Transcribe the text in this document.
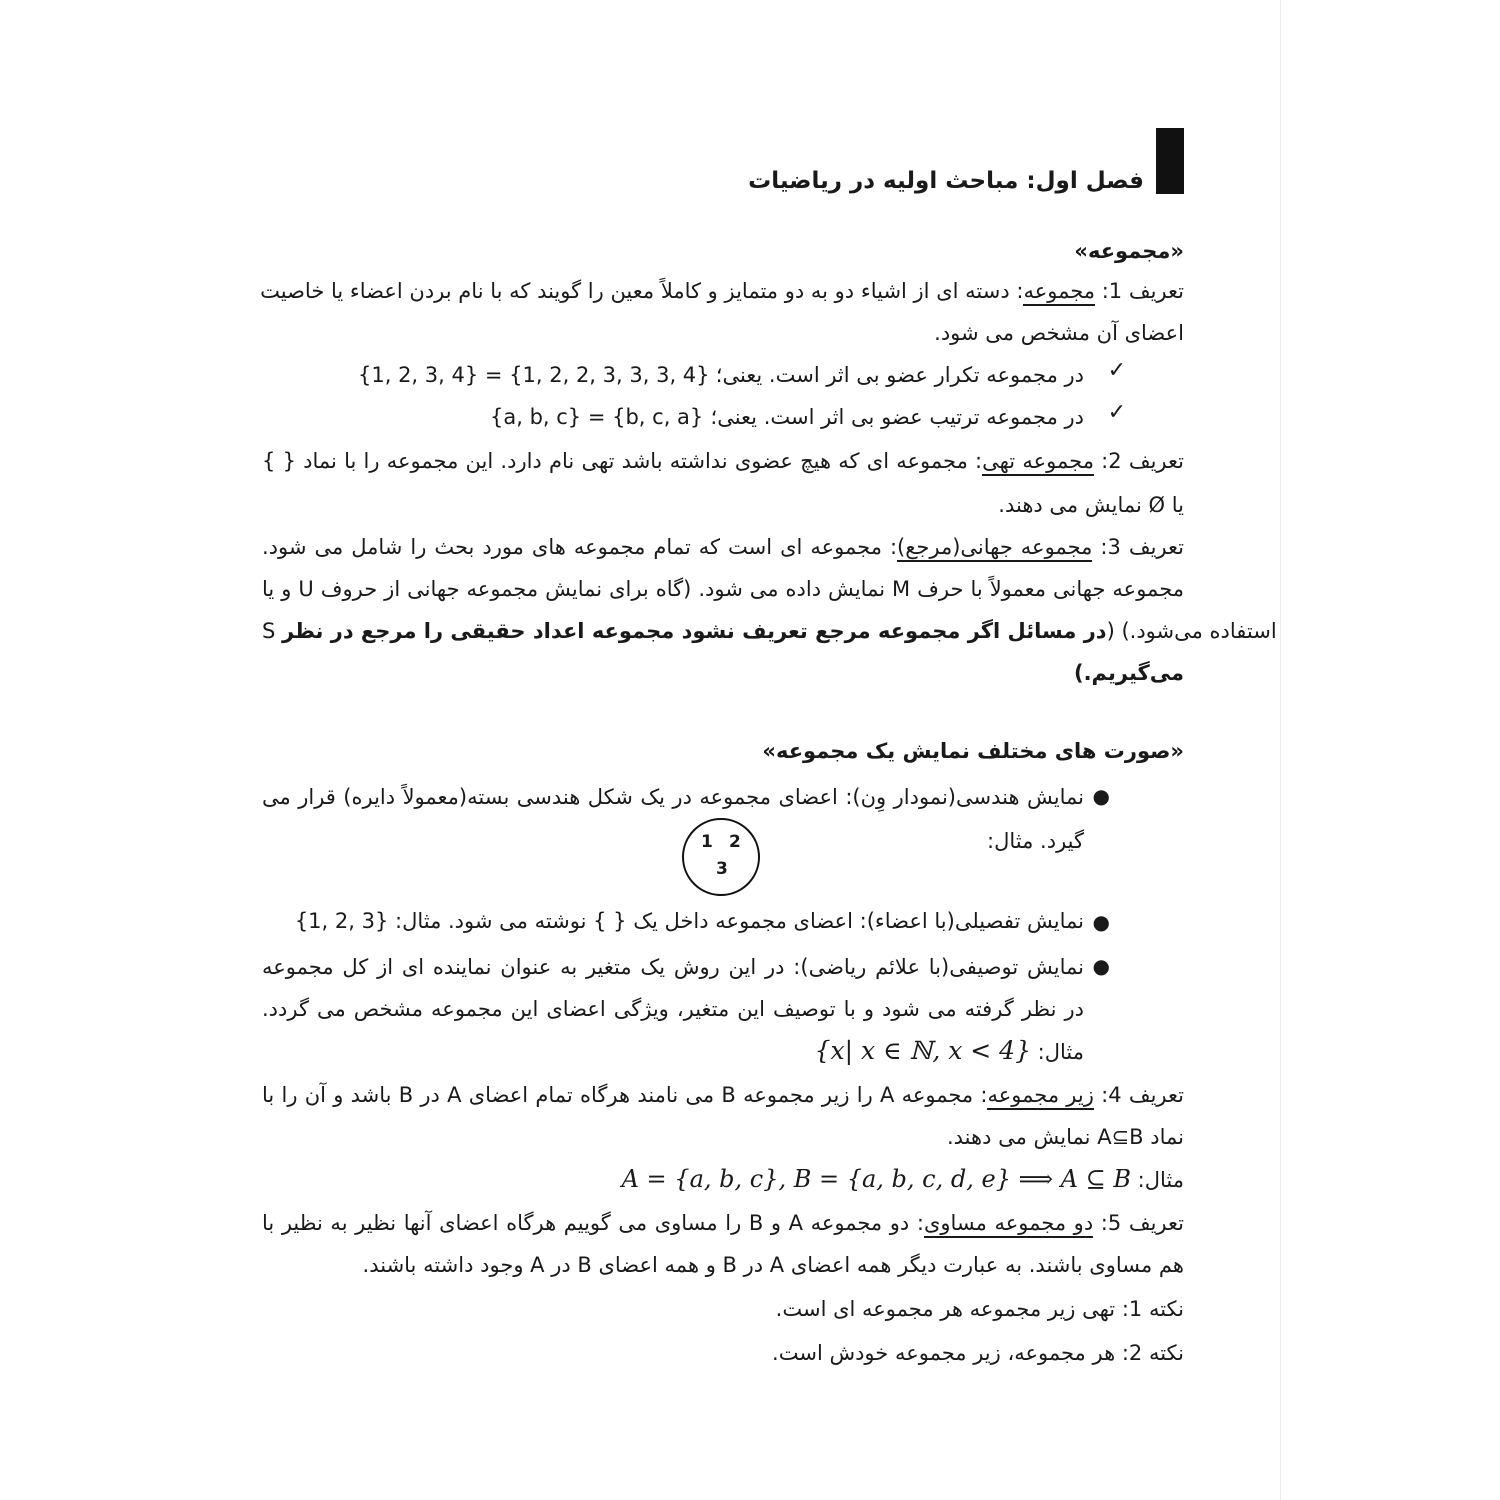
فصل اول: مباحث اولیه در ریاضیات
«مجموعه»
تعریف 1: مجموعه: دسته ای از اشیاء دو به دو متمایز و کاملاً معین را گویند که با نام بردن اعضاء یا خاصیت
اعضای آن مشخص می شود.
✓
در مجموعه تکرار عضو بی اثر است. یعنی؛
{1, 2, 3, 4} = {1, 2, 2, 3, 3, 3, 4}
✓
در مجموعه ترتیب عضو بی اثر است. یعنی؛
{a, b, c} = {b, c, a}
تعریف 2: مجموعه تهی: مجموعه ای که هیچ عضوی نداشته باشد تهی نام دارد. این مجموعه را با نماد { }
یا Ø نمایش می دهند.
تعریف 3: مجموعه جهانی(مرجع): مجموعه ای است که تمام مجموعه های مورد بحث را شامل می شود.
مجموعه جهانی معمولاً با حرف M نمایش داده می شود. (گاه برای نمایش مجموعه جهانی از حروف U و یا
S استفاده می‌شود.) (در مسائل اگر مجموعه مرجع تعریف نشود مجموعه اعداد حقیقی را مرجع در نظر
می‌گیریم.)
«صورت های مختلف نمایش یک مجموعه»
●
نمایش هندسی(نمودار وِن): اعضای مجموعه در یک شکل هندسی بسته(معمولاً دایره) قرار می
گیرد. مثال:
1 2
3
●
نمایش تفصیلی(با اعضاء): اعضای مجموعه داخل یک { } نوشته می شود. مثال: {1, 2, 3}
●
نمایش توصیفی(با علائم ریاضی): در این روش یک متغیر به عنوان نماینده ای از کل مجموعه
در نظر گرفته می شود و با توصیف این متغیر، ویژگی اعضای این مجموعه مشخص می گردد.
مثال: {x| x ∈ ℕ, x < 4}
تعریف 4: زیر مجموعه: مجموعه A را زیر مجموعه B می نامند هرگاه تمام اعضای A در B باشد و آن را با
نماد A⊆B نمایش می دهند.
مثال: A = {a, b, c}, B = {a, b, c, d, e} ⟹ A ⊆ B
تعریف 5: دو مجموعه مساوی: دو مجموعه A و B را مساوی می گوییم هرگاه اعضای آنها نظیر به نظیر با
هم مساوی باشند. به عبارت دیگر همه اعضای A در B و همه اعضای B در A وجود داشته باشند.
نکته 1: تهی زیر مجموعه هر مجموعه ای است.
نکته 2: هر مجموعه، زیر مجموعه خودش است.
